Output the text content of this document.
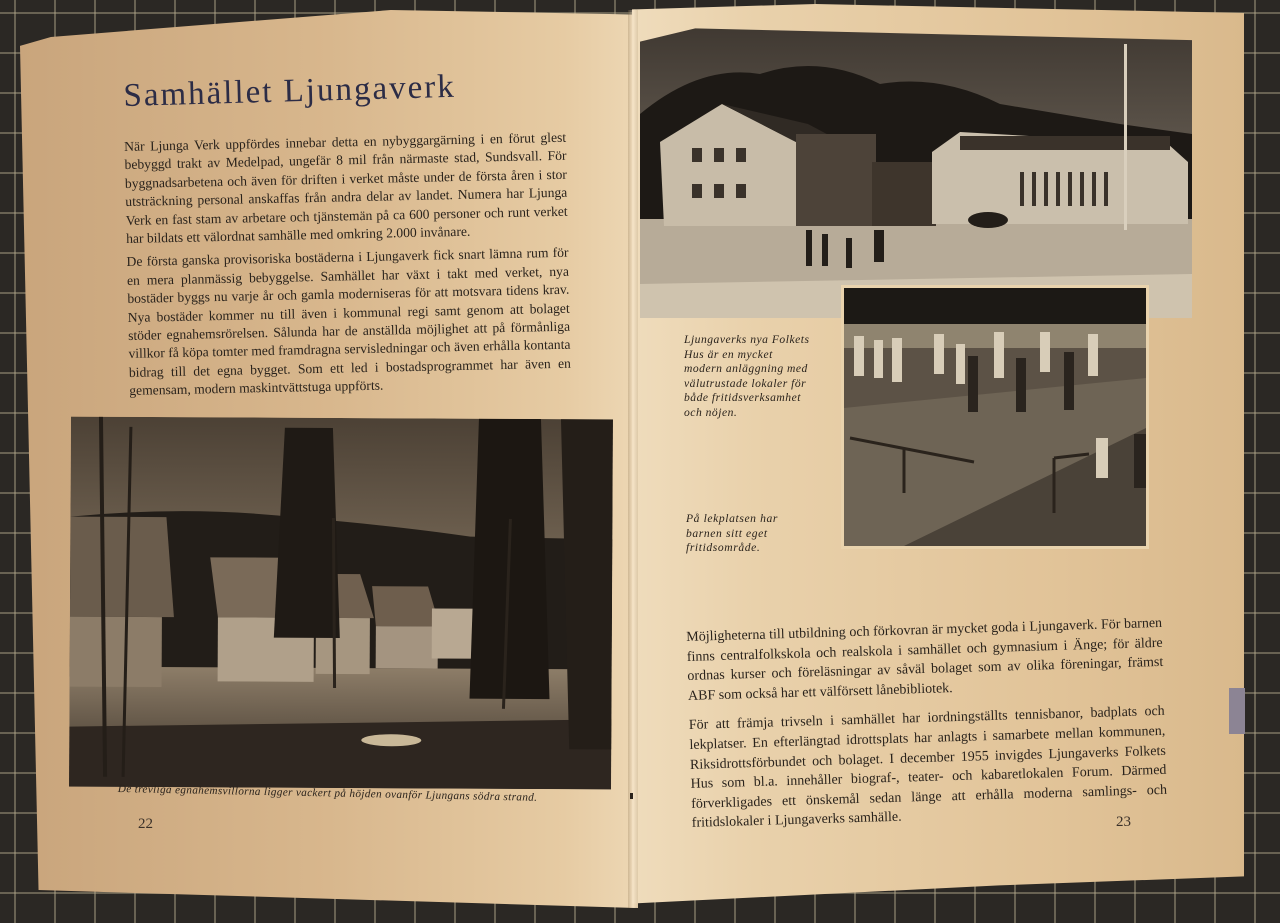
Samhället Ljungaverk

När Ljunga Verk uppfördes innebar detta en nybyggargärning i en förut glest bebyggd trakt av Medelpad, ungefär 8 mil från närmaste stad, Sundsvall. För byggnadsarbetena och även för driften i verket måste under de första åren i stor utsträckning personal anskaffas från andra delar av landet. Numera har Ljunga Verk en fast stam av arbetare och tjänstemän på ca 600 personer och runt verket har bildats ett välordnat samhälle med omkring 2.000 invånare.

De första ganska provisoriska bostäderna i Ljungaverk fick snart lämna rum för en mera planmässig bebyggelse. Samhället har växt i takt med verket, nya bostäder byggs nu varje år och gamla moderniseras för att motsvara tidens krav. Nya bostäder kommer nu till även i kommunal regi samt genom att bolaget stöder egnahemsrörelsen. Sålunda har de anställda möjlighet att på förmånliga villkor få köpa tomter med framdragna servisledningar och även erhålla kontanta bidrag till det egna bygget. Som ett led i bostadsprogrammet har även en gemensam, modern maskintvättstuga uppförts.

De trevliga egnahemsvillorna ligger vackert på höjden ovanför Ljungans södra strand.

22

Ljungaverks nya Folkets Hus är en mycket modern anläggning med välutrustade lokaler för både fritidsverksamhet och nöjen.

På lekplatsen har barnen sitt eget fritidsområde.

Möjligheterna till utbildning och förkovran är mycket goda i Ljungaverk. För barnen finns centralfolkskola och realskola i samhället och gymnasium i Änge; för äldre ordnas kurser och föreläsningar av såväl bolaget som av olika föreningar, främst ABF som också har ett välförsett lånebibliotek.

För att främja trivseln i samhället har iordningställts tennisbanor, badplats och lekplatser. En efterlängtad idrottsplats har anlagts i samarbete mellan kommunen, Riksidrottsförbundet och bolaget. I december 1955 invigdes Ljungaverks Folkets Hus som bl.a. innehåller biograf-, teater- och kabaretlokalen Forum. Därmed förverkligades ett önskemål sedan länge att erhålla moderna samlings- och fritidslokaler i Ljungaverks samhälle.	23
